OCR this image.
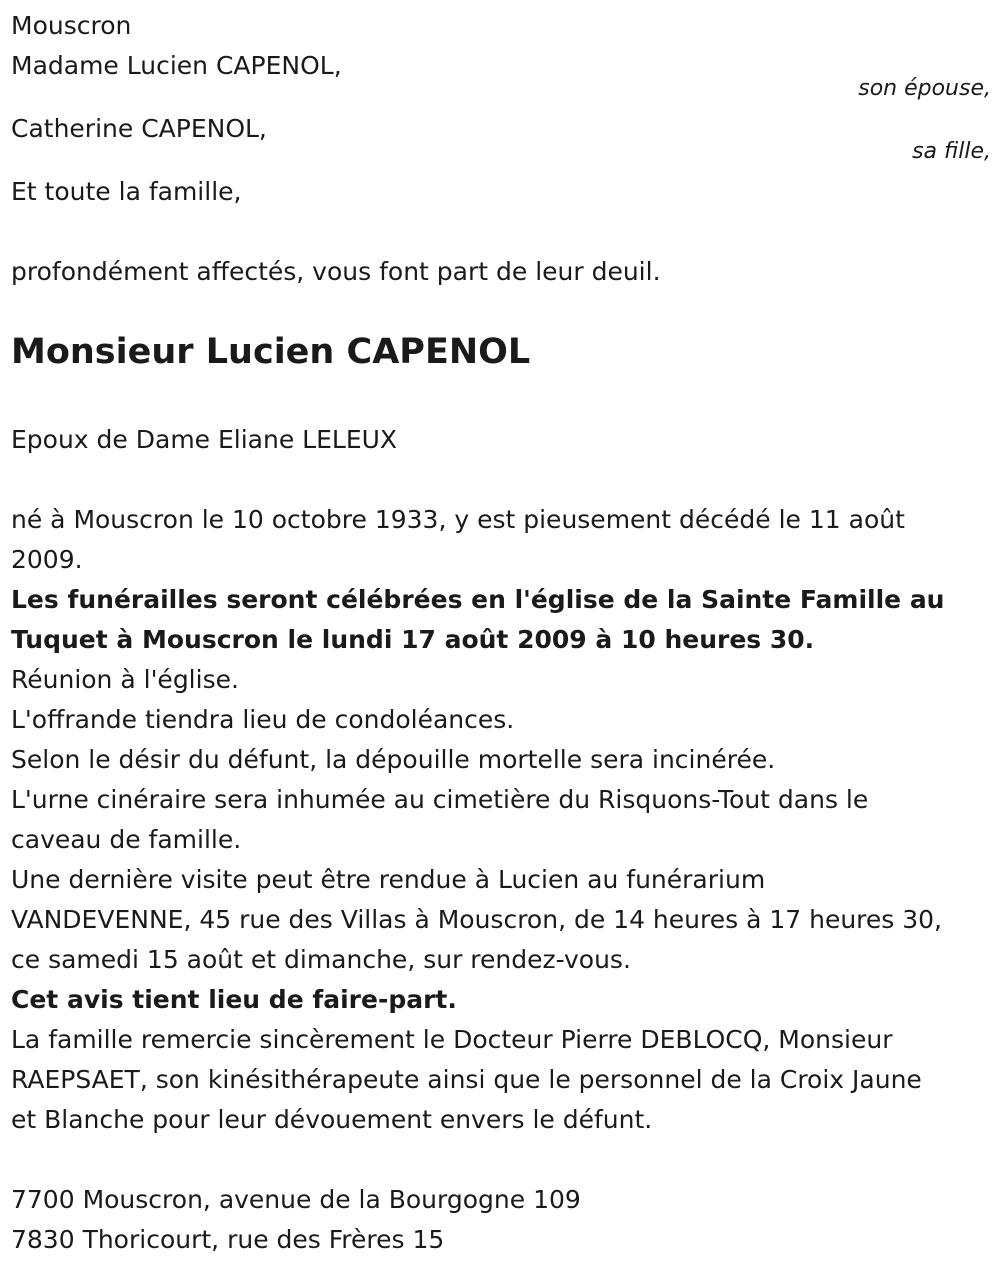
Mouscron

Madame Lucien CAPENOL,

son épouse,

Catherine CAPENOL,

sa fille,

Et toute la famille,

profondément affectés, vous font part de leur deuil.

Monsieur Lucien CAPENOL

Epoux de Dame Eliane LELEUX

né à Mouscron le 10 octobre 1933, y est pieusement décédé le 11 août

2009.

Les funérailles seront célébrées en l'église de la Sainte Famille au

Tuquet à Mouscron le lundi 17 août 2009 à 10 heures 30.

Réunion à l'église.

L'offrande tiendra lieu de condoléances.

Selon le désir du défunt, la dépouille mortelle sera incinérée.

L'urne cinéraire sera inhumée au cimetière du Risquons-Tout dans le

caveau de famille.

Une dernière visite peut être rendue à Lucien au funérarium

VANDEVENNE, 45 rue des Villas à Mouscron, de 14 heures à 17 heures 30,

ce samedi 15 août et dimanche, sur rendez-vous.

Cet avis tient lieu de faire-part.

La famille remercie sincèrement le Docteur Pierre DEBLOCQ, Monsieur

RAEPSAET, son kinésithérapeute ainsi que le personnel de la Croix Jaune

et Blanche pour leur dévouement envers le défunt.

7700 Mouscron, avenue de la Bourgogne 109

7830 Thoricourt, rue des Frères 15
